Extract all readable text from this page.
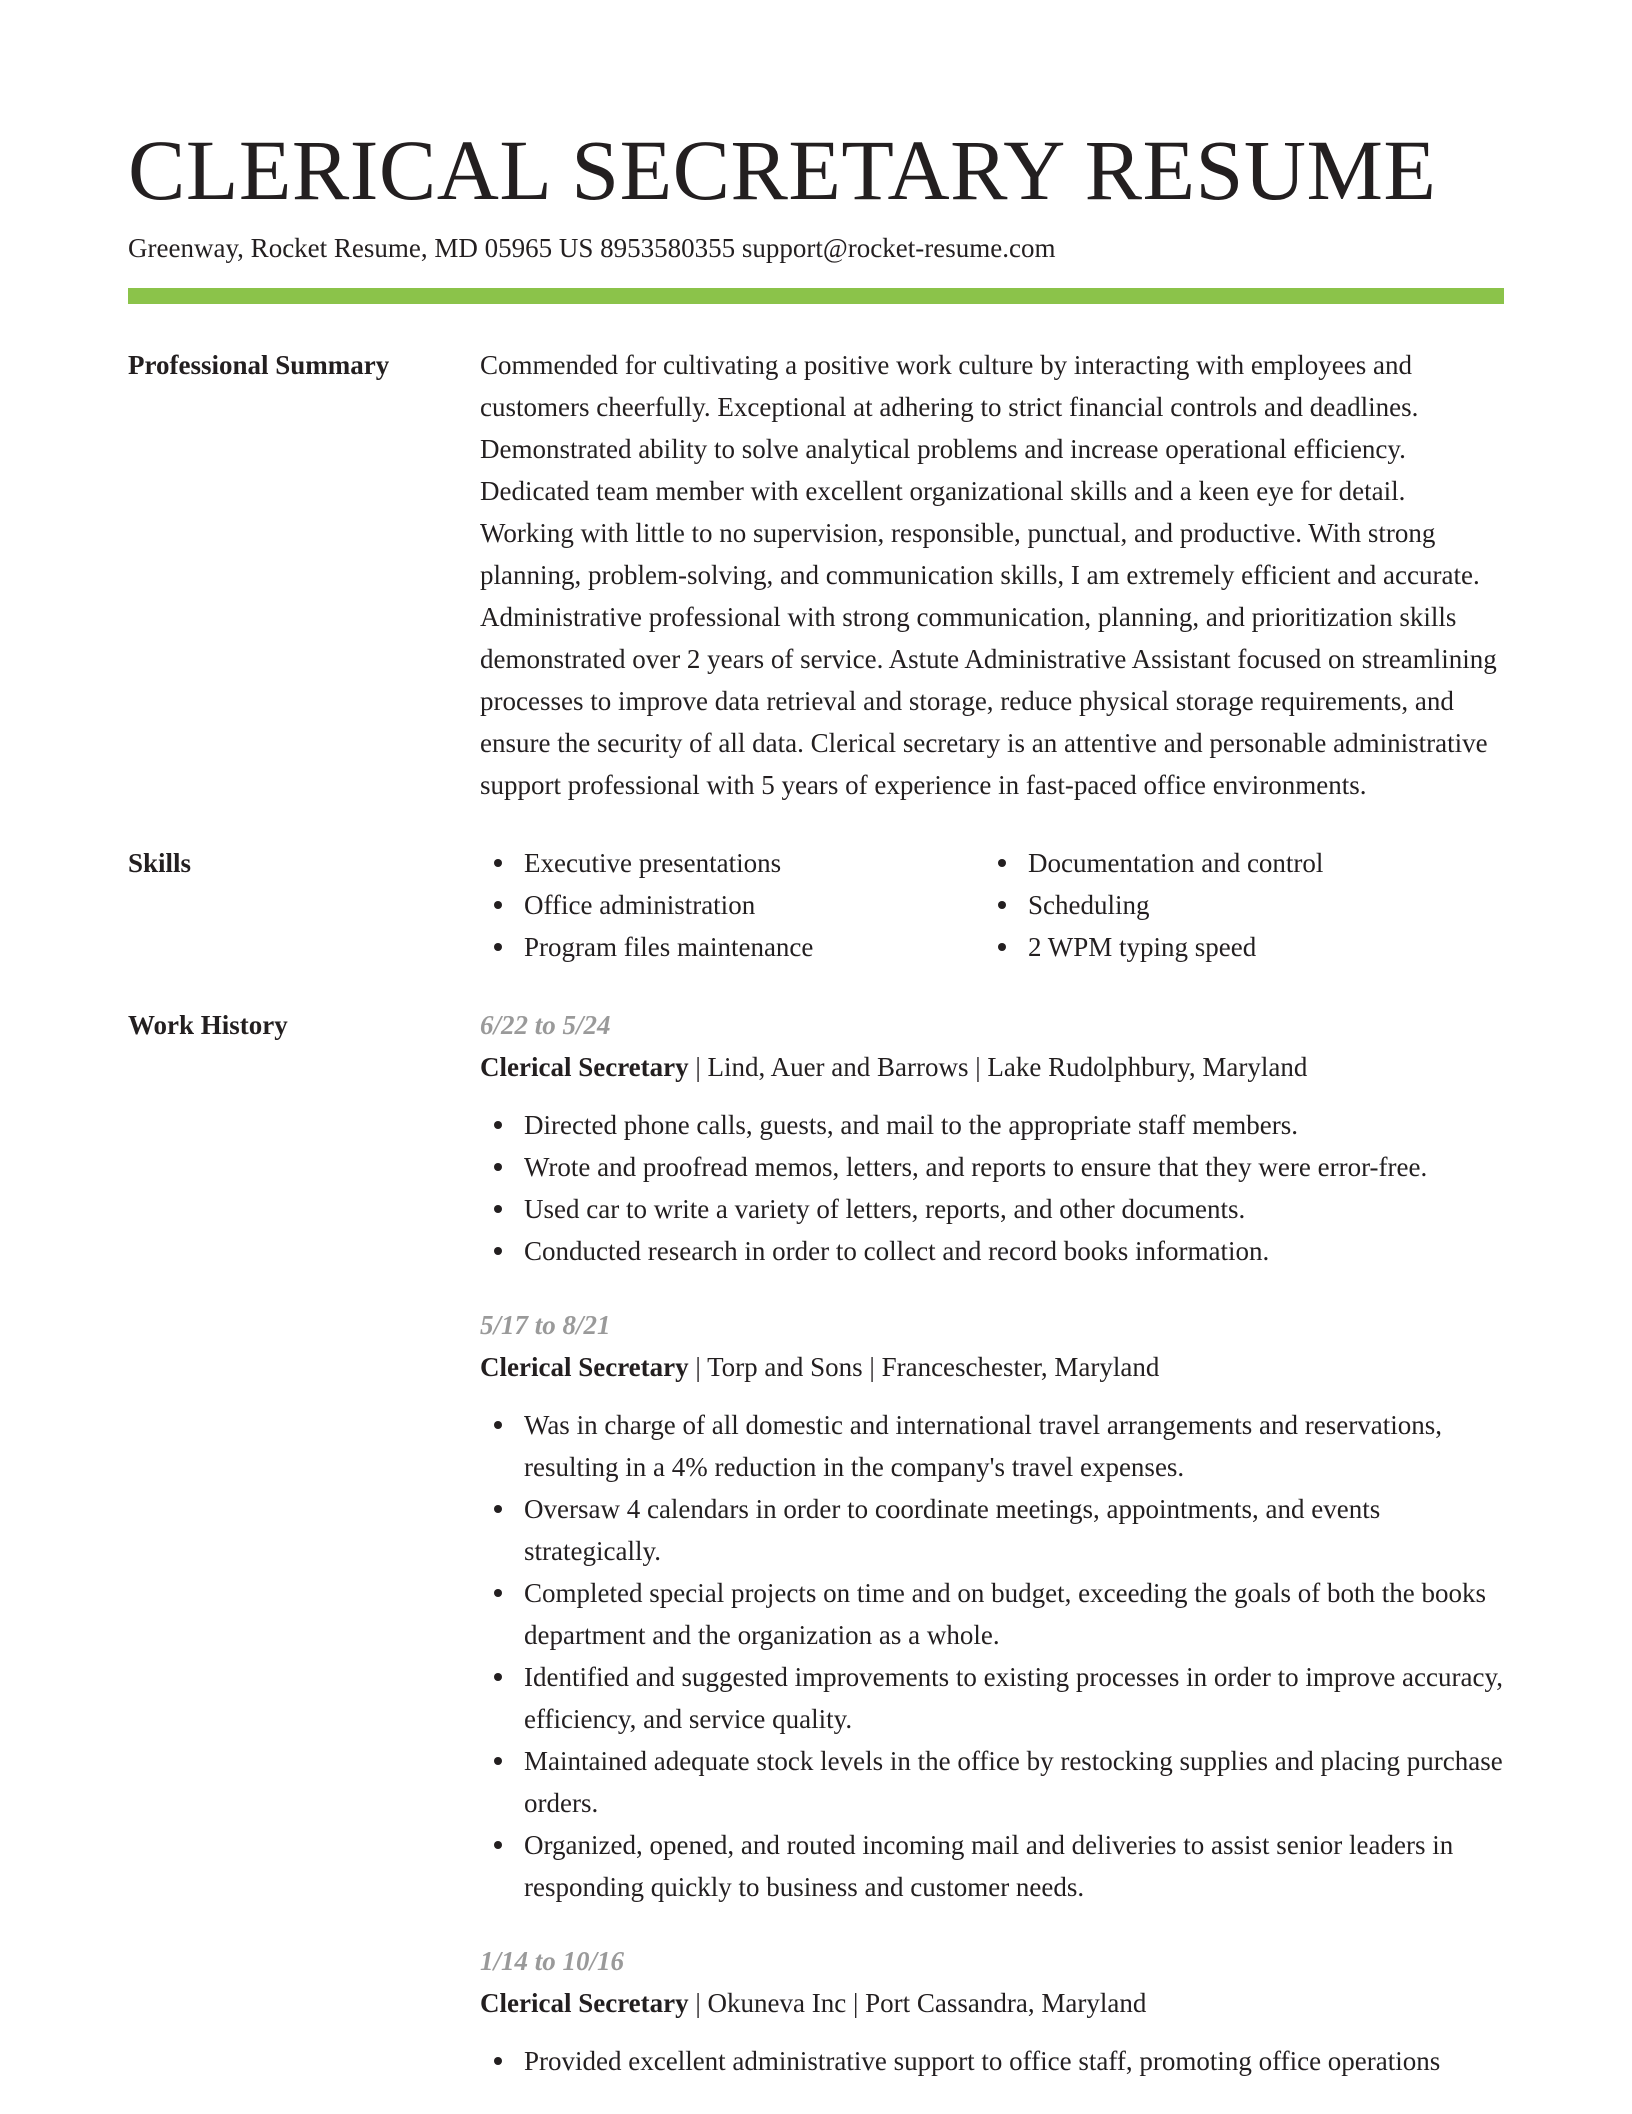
CLERICAL SECRETARY RESUME
Greenway, Rocket Resume, MD 05965 US 8953580355 support@rocket-resume.com
Professional Summary	Commended for cultivating a positive work culture by interacting with employees and customers cheerfully. Exceptional at adhering to strict financial controls and deadlines. Demonstrated ability to solve analytical problems and increase operational efficiency. Dedicated team member with excellent organizational skills and a keen eye for detail. Working with little to no supervision, responsible, punctual, and productive. With strong planning, problem-solving, and communication skills, I am extremely efficient and accurate. Administrative professional with strong communication, planning, and prioritization skills demonstrated over 2 years of service. Astute Administrative Assistant focused on streamlining processes to improve data retrieval and storage, reduce physical storage requirements, and ensure the security of all data. Clerical secretary is an attentive and personable administrative support professional with 5 years of experience in fast-paced office environments.

Skills	Executive presentations
Office administration
Program files maintenance
Documentation and control
Scheduling
2 WPM typing speed
Work History	6/22 to 5/24
Clerical Secretary | Lind, Auer and Barrows | Lake Rudolphbury, Maryland
Directed phone calls, guests, and mail to the appropriate staff members.
Wrote and proofread memos, letters, and reports to ensure that they were error-free.
Used car to write a variety of letters, reports, and other documents.
Conducted research in order to collect and record books information.
5/17 to 8/21
Clerical Secretary | Torp and Sons | Franceschester, Maryland
Was in charge of all domestic and international travel arrangements and reservations, resulting in a 4% reduction in the company's travel expenses.
Oversaw 4 calendars in order to coordinate meetings, appointments, and events strategically.
Completed special projects on time and on budget, exceeding the goals of both the books department and the organization as a whole.
Identified and suggested improvements to existing processes in order to improve accuracy, efficiency, and service quality.
Maintained adequate stock levels in the office by restocking supplies and placing purchase orders.
Organized, opened, and routed incoming mail and deliveries to assist senior leaders in responding quickly to business and customer needs.
1/14 to 10/16
Clerical Secretary | Okuneva Inc | Port Cassandra, Maryland
Provided excellent administrative support to office staff, promoting office operations
